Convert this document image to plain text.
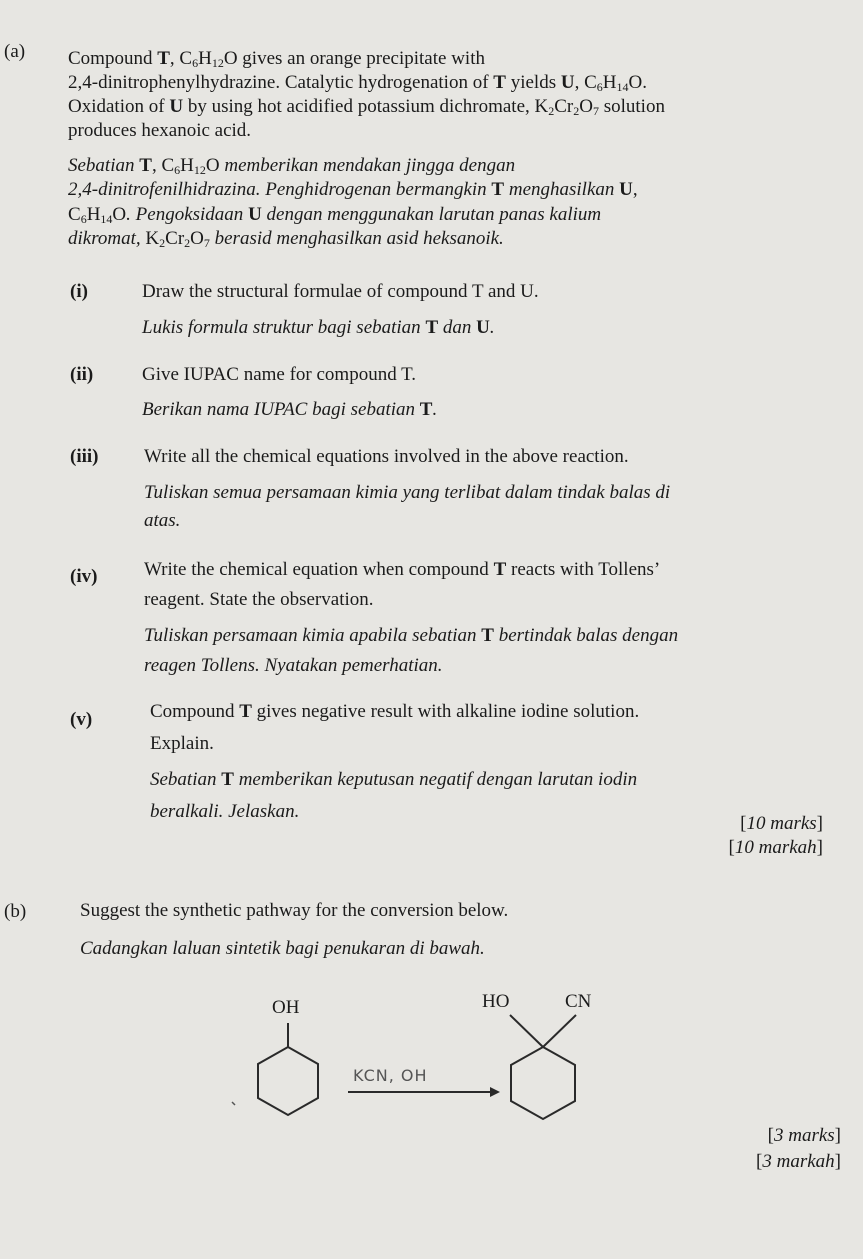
(a) Compound T, $C_6H_{12}O$ gives an orange precipitate with
2,4-dinitrophenylhydrazine. Catalytic hydrogenation of T yields U, $C_6H_{14}O$.
Oxidation of U by using hot acidified potassium dichromate, $K_2Cr_2O_7$ solution
produces hexanoic acid.
Sebatian T, $C_6H_{12}O$ memberikan mendakan jingga dengan
2,4-dinitrofenilhidrazina. Penghidrogenan bermangkin T menghasilkan U,
$C_6H_{14}O$. Pengoksidaan U dengan menggunakan larutan panas kalium
dikromat, $K_2Cr_2O_7$ berasid menghasilkan asid heksanoik.
(i)	Draw the structural formulae of compound T and U.
Lukis formula struktur bagi sebatian T dan U.
(ii)	Give IUPAC name for compound T.
Berikan nama IUPAC bagi sebatian T.
(iii) Write all the chemical equations involved in the above reaction.
Tuliskan semua persamaan kimia yang terlibat dalam tindak balas di
atas.
(iv) Write the chemical equation when compound T reacts with Tollens’
reagent. State the observation.
Tuliskan persamaan kimia apabila sebatian T bertindak balas dengan
reagen Tollens. Nyatakan pemerhatian.
(v)	Compound T gives negative result with alkaline iodine solution.
Explain.
Sebatian T memberikan keputusan negatif dengan larutan iodin
beralkali. Jelaskan.
[10 marks]
[10 markah]
(b)	Suggest the synthetic pathway for the conversion below.
Cadangkan laluan sintetik bagi penukaran di bawah.
OH
KCN, OH
HO	CN
[3 marks]
[3 markah]
